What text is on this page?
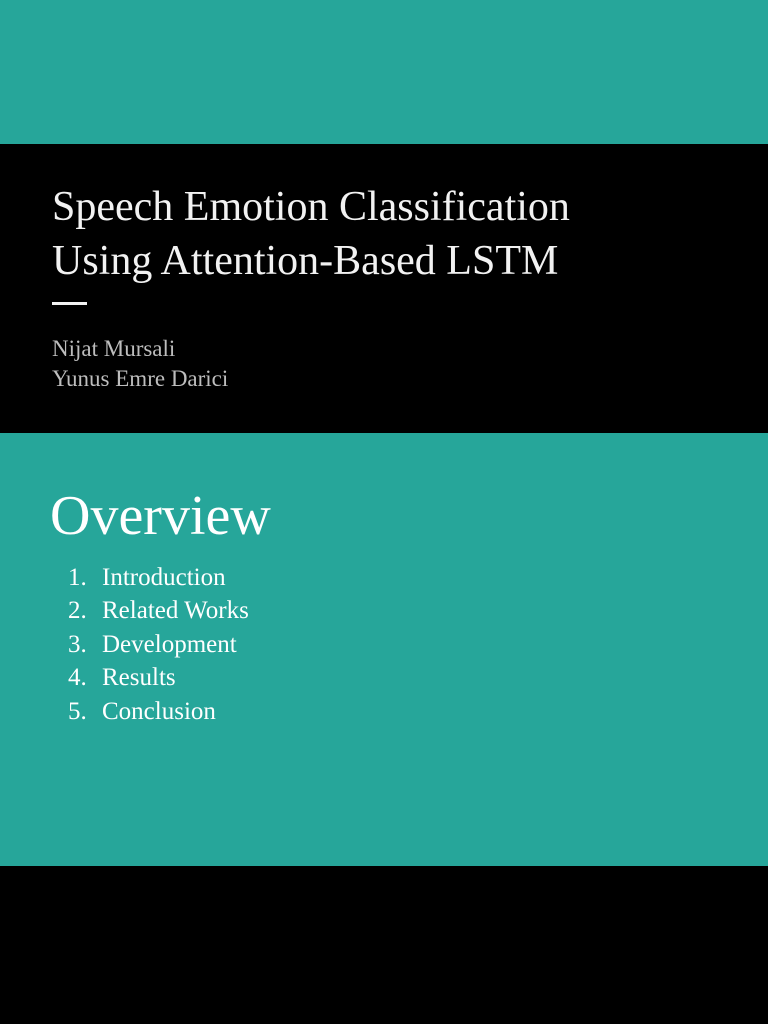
Speech Emotion Classification
Using Attention-Based LSTM
Nijat Mursali
Yunus Emre Darici
Overview
1. Introduction
2. Related Works
3. Development
4. Results
5. Conclusion
